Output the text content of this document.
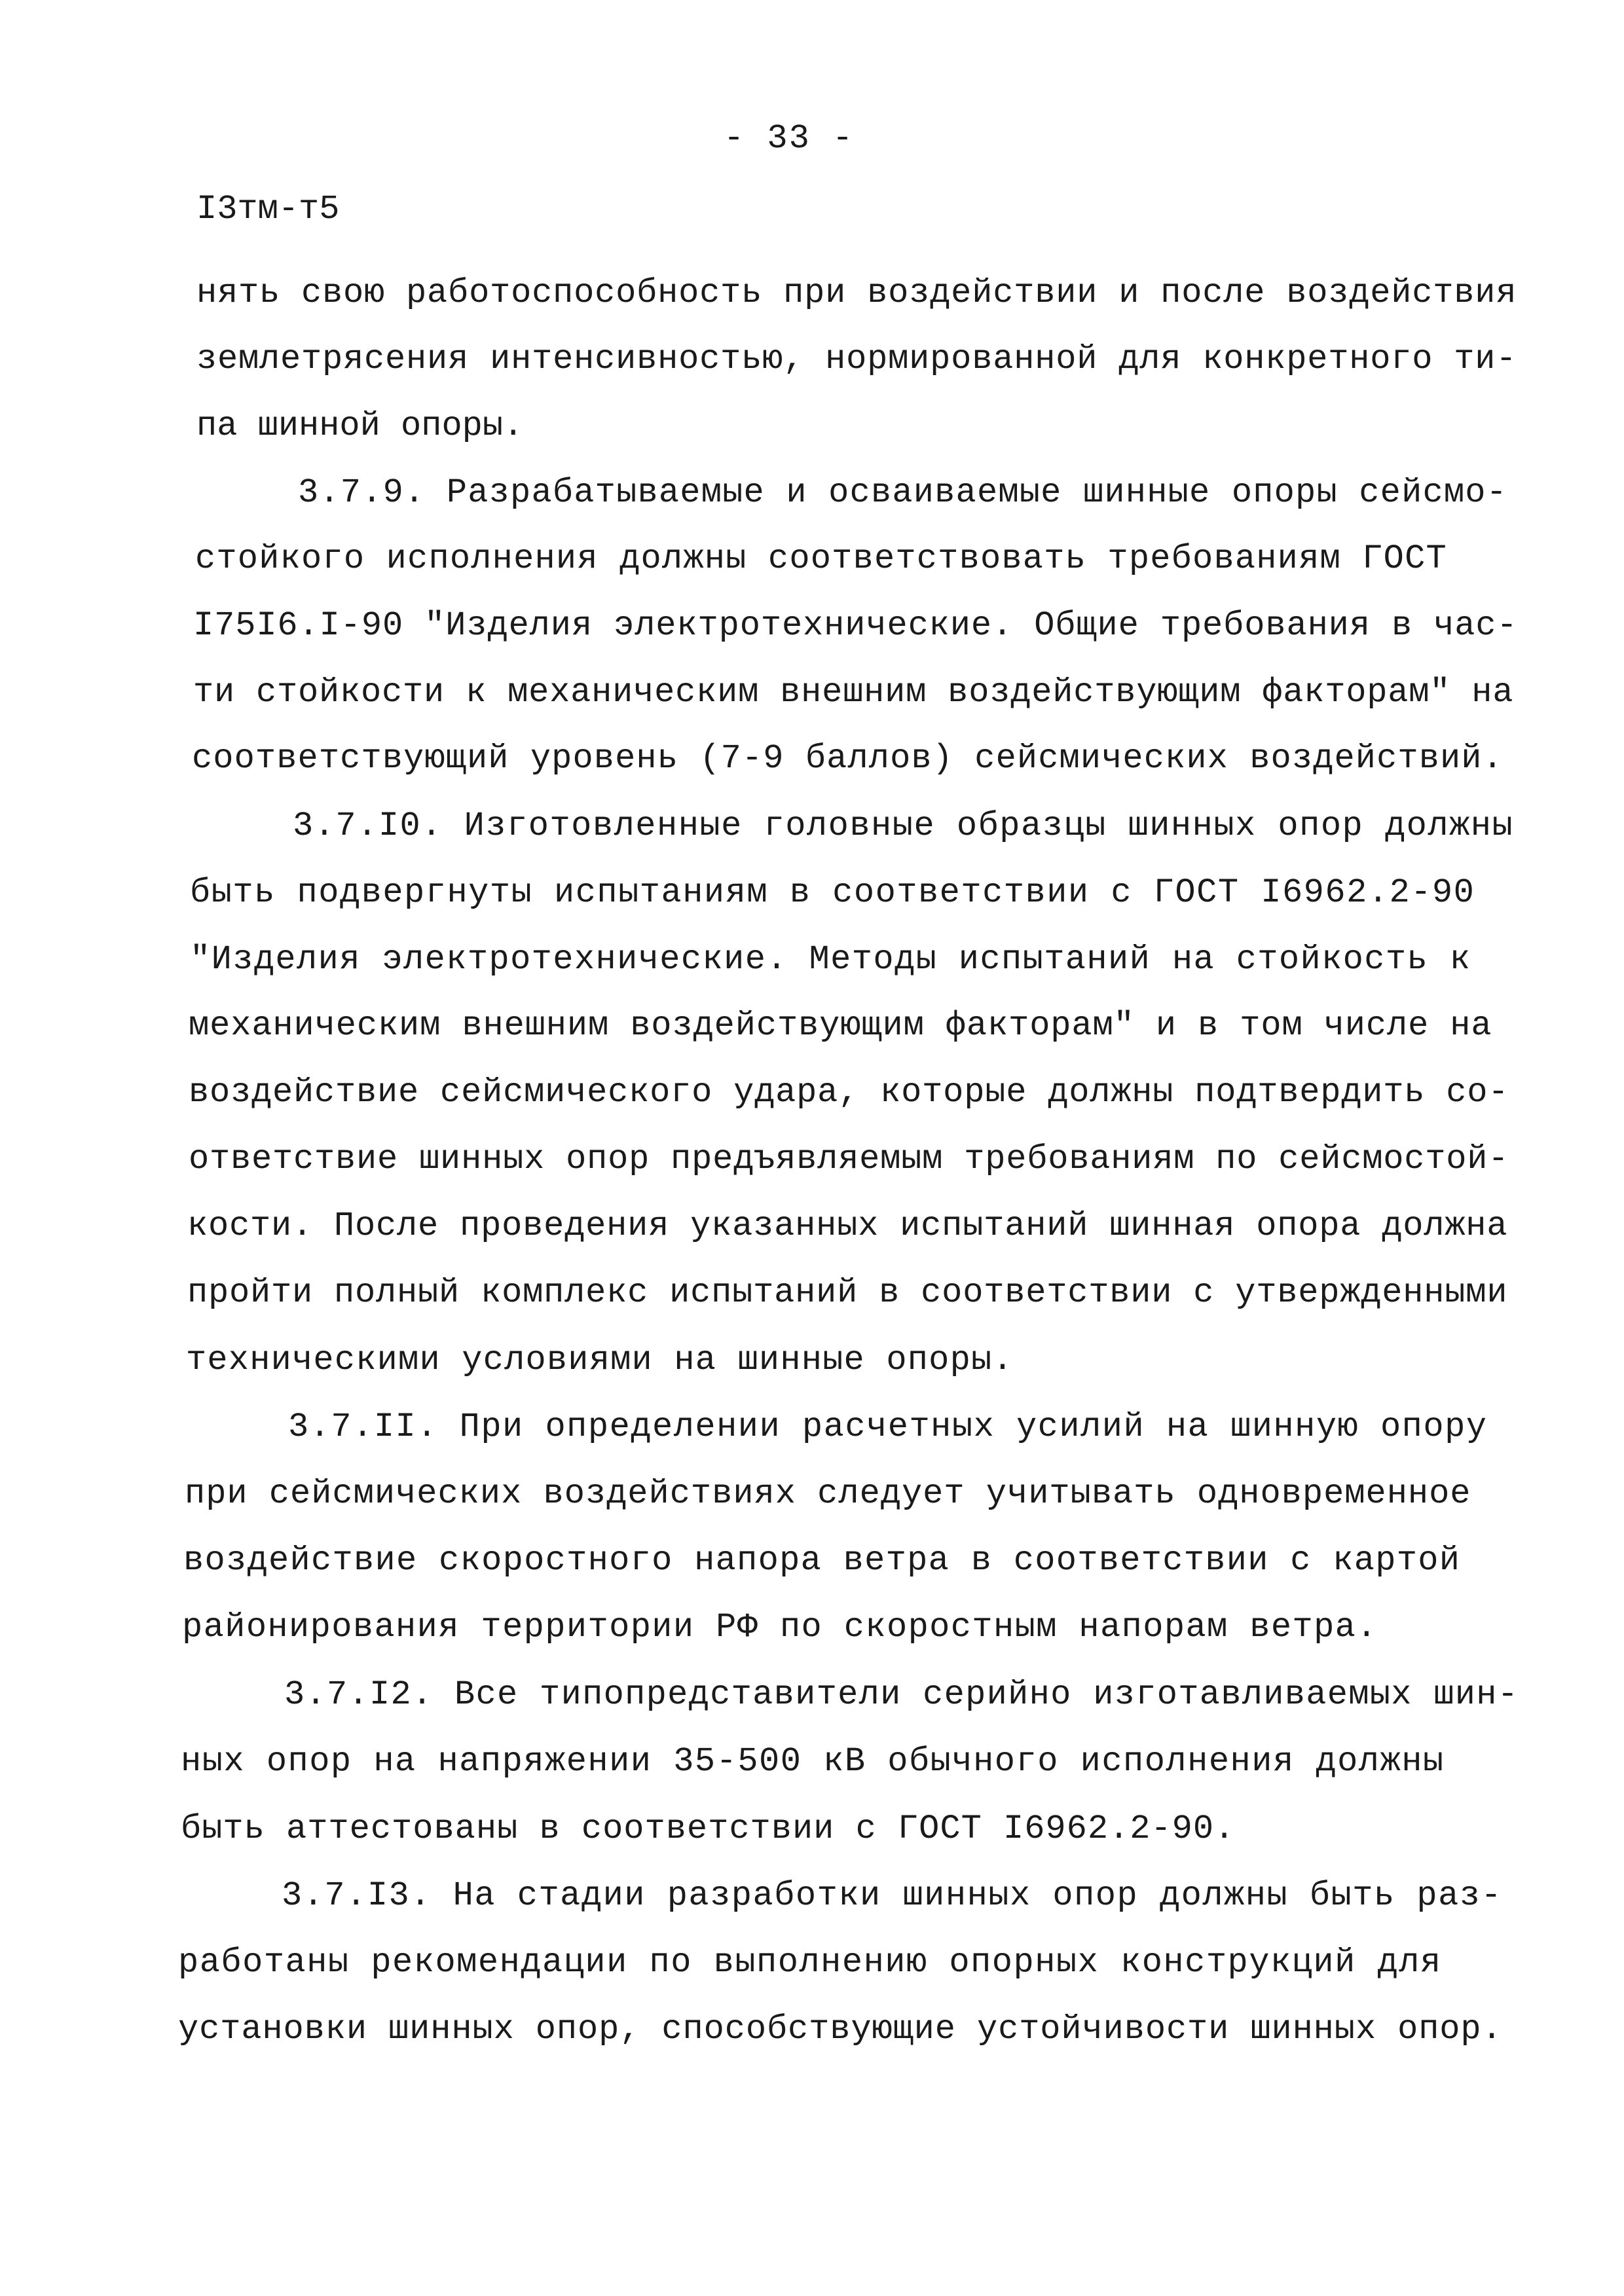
- 33 -
I3тм-т5
нять свою работоспособность при воздействии и после воздействия
землетрясения интенсивностью, нормированной для конкретного ти-
па шинной опоры.
3.7.9. Разрабатываемые и осваиваемые шинные опоры сейсмо-
стойкого исполнения должны соответствовать требованиям ГОСТ
I75I6.I-90 "Изделия электротехнические. Общие требования в час-
ти стойкости к механическим внешним воздействующим факторам" на
соответствующий уровень (7-9 баллов) сейсмических воздействий.
3.7.I0. Изготовленные головные образцы шинных опор должны
быть подвергнуты испытаниям в соответствии с ГОСТ I6962.2-90
"Изделия электротехнические. Методы испытаний на стойкость к
механическим внешним воздействующим факторам" и в том числе на
воздействие сейсмического удара, которые должны подтвердить со-
ответствие шинных опор предъявляемым требованиям по сейсмостой-
кости. После проведения указанных испытаний шинная опора должна
пройти полный комплекс испытаний в соответствии с утвержденными
техническими условиями на шинные опоры.
3.7.II. При определении расчетных усилий на шинную опору
при сейсмических воздействиях следует учитывать одновременное
воздействие скоростного напора ветра в соответствии с картой
районирования территории РФ по скоростным напорам ветра.
3.7.I2. Все типопредставители серийно изготавливаемых шин-
ных опор на напряжении 35-500 кВ обычного исполнения должны
быть аттестованы в соответствии с ГОСТ I6962.2-90.
3.7.I3. На стадии разработки шинных опор должны быть раз-
работаны рекомендации по выполнению опорных конструкций для
установки шинных опор, способствующие устойчивости шинных опор.
